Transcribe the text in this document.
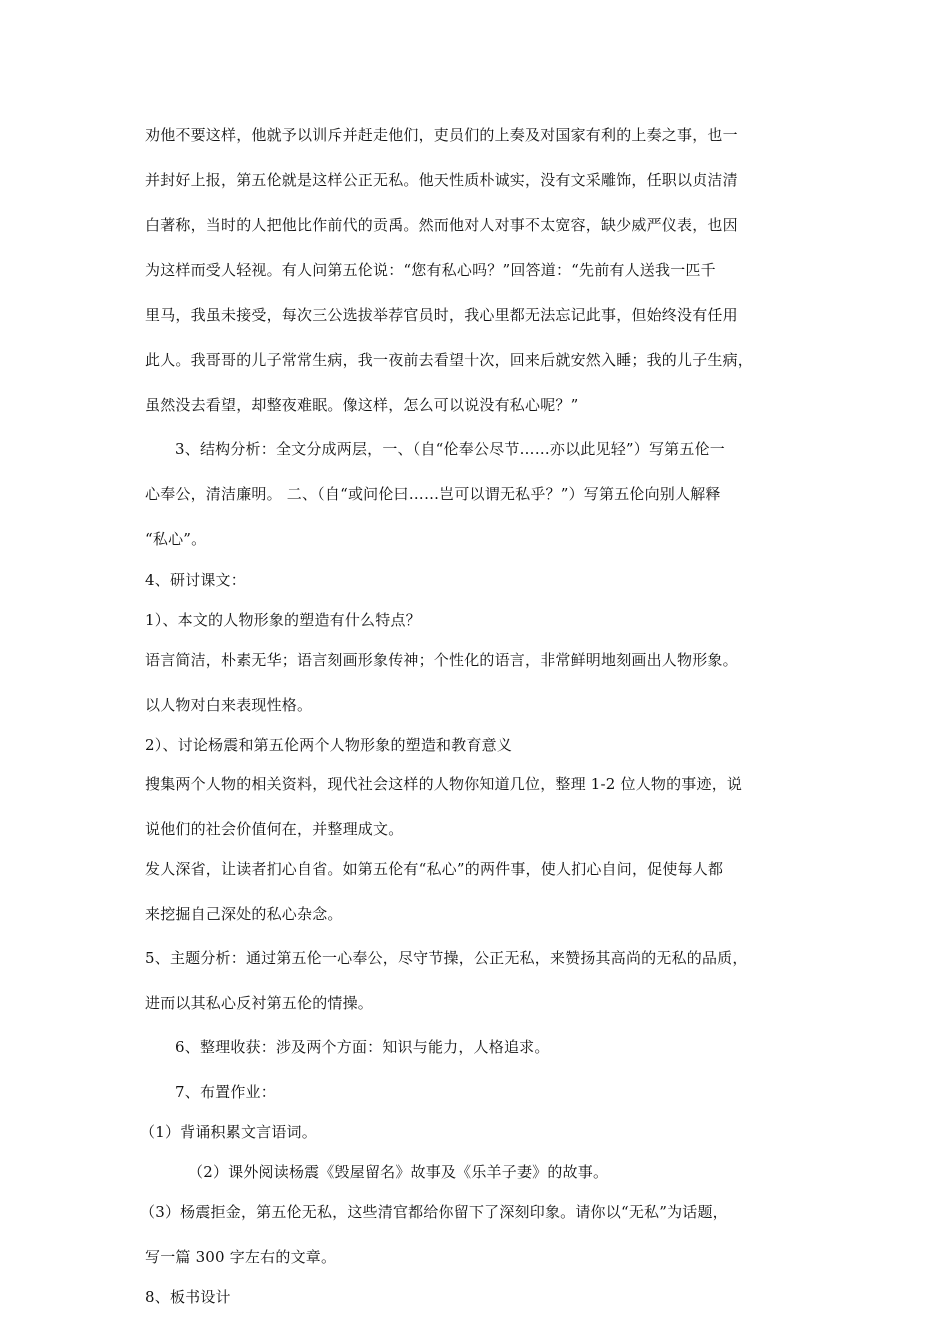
劝他不要这样，他就予以训斥并赶走他们，吏员们的上奏及对国家有利的上奏之事，也一
并封好上报，第五伦就是这样公正无私。他天性质朴诚实，没有文采雕饰，任职以贞洁清
白著称，当时的人把他比作前代的贡禹。然而他对人对事不太宽容，缺少威严仪表，也因
为这样而受人轻视。有人问第五伦说：“您有私心吗？”回答道：“先前有人送我一匹千
里马，我虽未接受，每次三公选拔举荐官员时，我心里都无法忘记此事，但始终没有任用
此人。我哥哥的儿子常常生病，我一夜前去看望十次，回来后就安然入睡；我的儿子生病，
虽然没去看望，却整夜难眠。像这样，怎么可以说没有私心呢？”
3、结构分析：全文分成两层，一、（自“伦奉公尽节……亦以此见轻”）写第五伦一
心奉公，清洁廉明。 二、（自“或问伦曰……岂可以谓无私乎？”）写第五伦向别人解释
“私心”。
4、研讨课文：
1）、本文的人物形象的塑造有什么特点？
语言简洁，朴素无华；语言刻画形象传神；个性化的语言，非常鲜明地刻画出人物形象。
以人物对白来表现性格。
2）、讨论杨震和第五伦两个人物形象的塑造和教育意义
搜集两个人物的相关资料，现代社会这样的人物你知道几位，整理 1-2 位人物的事迹，说
说他们的社会价值何在，并整理成文。
发人深省，让读者扪心自省。如第五伦有“私心”的两件事，使人扪心自问，促使每人都
来挖掘自己深处的私心杂念。
5、主题分析：通过第五伦一心奉公，尽守节操，公正无私，来赞扬其高尚的无私的品质，
进而以其私心反衬第五伦的情操。
6、整理收获：涉及两个方面：知识与能力，人格追求。
7、布置作业：
（1）背诵积累文言语词。
（2）课外阅读杨震《毁屋留名》故事及《乐羊子妻》的故事。
（3）杨震拒金，第五伦无私，这些清官都给你留下了深刻印象。请你以“无私”为话题，
写一篇 300 字左右的文章。
8、板书设计
